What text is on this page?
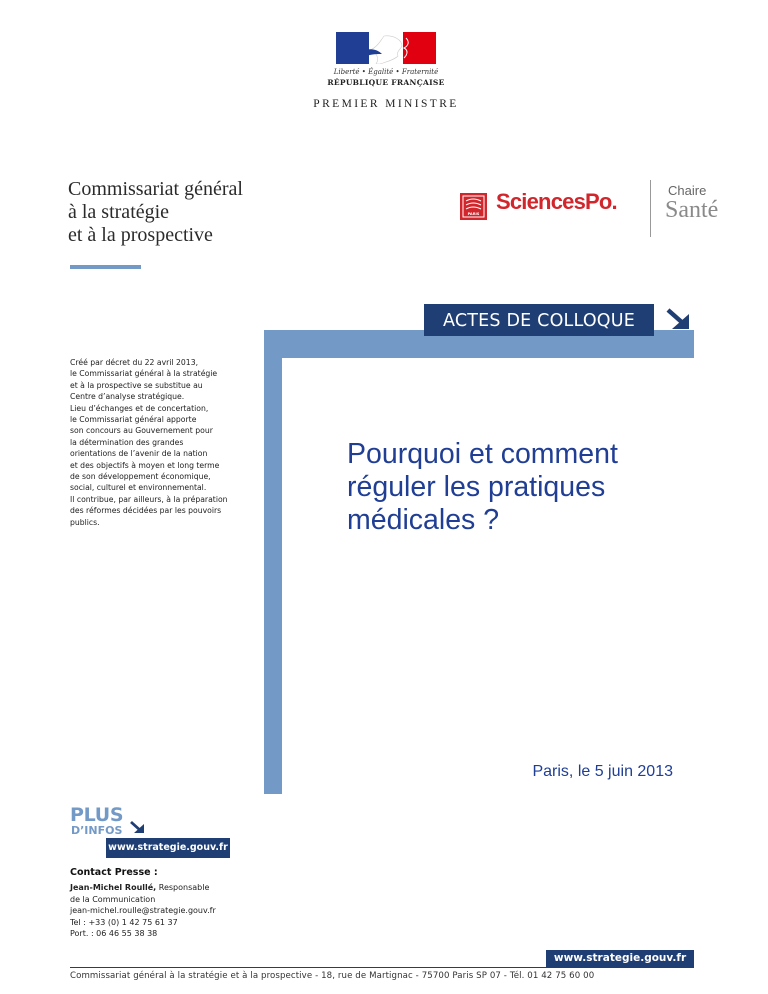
Liberté • Égalité • Fraternité
RÉPUBLIQUE FRANÇAISE
PREMIER MINISTRE
Commissariat général
à la stratégie
et à la prospective
PARIS SciencesPo.	Chaire
Santé
ACTES DE COLLOQUE
Créé par décret du 22 avril 2013,
le Commissariat général à la stratégie
et à la prospective se substitue au
Centre d’analyse stratégique.
Lieu d’échanges et de concertation,
le Commissariat général apporte
son concours au Gouvernement pour
la détermination des grandes
orientations de l’avenir de la nation
et des objectifs à moyen et long terme
de son développement économique,
social, culturel et environnemental.
Il contribue, par ailleurs, à la préparation
des réformes décidées par les pouvoirs
publics.
Pourquoi et comment
réguler les pratiques
médicales ?
Paris, le 5 juin 2013
PLUS
D’INFOS
www.strategie.gouv.fr
Contact Presse :
Jean-Michel Roullé, Responsable
de la Communication
jean-michel.roulle@strategie.gouv.fr
Tel : +33 (0) 1 42 75 61 37
Port. : 06 46 55 38 38
www.strategie.gouv.fr
Commissariat général à la stratégie et à la prospective - 18, rue de Martignac - 75700 Paris SP 07 - Tél. 01 42 75 60 00
